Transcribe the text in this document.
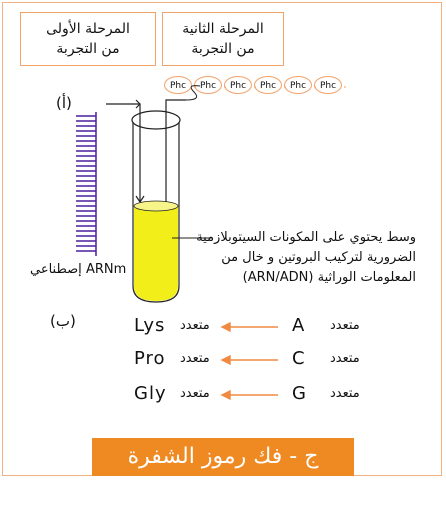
المرحلة الأولى
من التجربة
المرحلة الثانية
من التجربة
Phc	Phc	Phc	Phc	Phc	Phc
(أ)
(ب)
إصطناعي ARNm
وسط يحتوي على المكونات السيتوبلازمية
الضرورية لتركيب البروتين و خال من
المعلومات الوراثية (ARN/ADN)
Lys متعدد	A متعدد
Pro متعدد	C متعدد
Gly متعدد	G متعدد
ج - فك رموز الشفرة الوراثية
